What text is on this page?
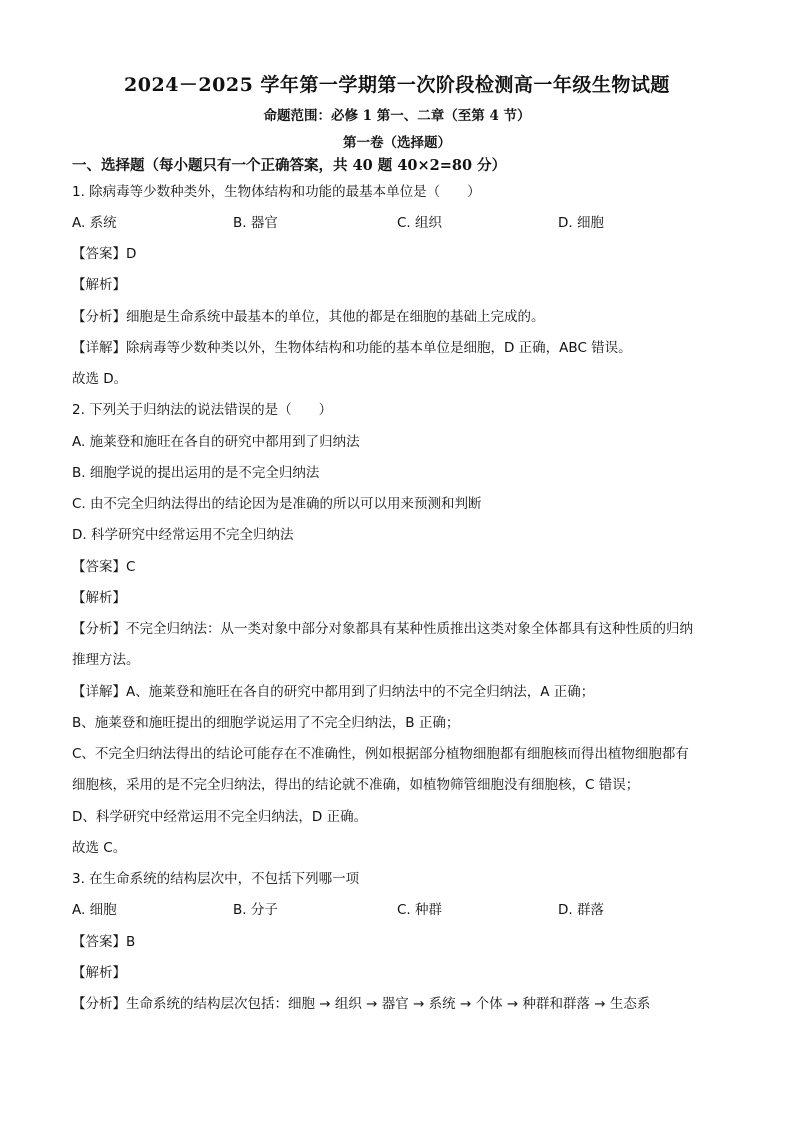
2024－2025 学年第一学期第一次阶段检测高一年级生物试题
命题范围：必修 1 第一、二章（至第 4 节）
第一卷（选择题）
一、选择题（每小题只有一个正确答案，共 40 题 40×2=80 分）
1. 除病毒等少数种类外，生物体结构和功能的最基本单位是（　　）
A. 系统	B. 器官	C. 组织	D. 细胞
【答案】D
【解析】
【分析】细胞是生命系统中最基本的单位，其他的都是在细胞的基础上完成的。
【详解】除病毒等少数种类以外，生物体结构和功能的基本单位是细胞，D 正确，ABC 错误。
故选 D。
2. 下列关于归纳法的说法错误的是（　　）
A. 施莱登和施旺在各自的研究中都用到了归纳法
B. 细胞学说的提出运用的是不完全归纳法
C. 由不完全归纳法得出的结论因为是准确的所以可以用来预测和判断
D. 科学研究中经常运用不完全归纳法
【答案】C
【解析】
【分析】不完全归纳法：从一类对象中部分对象都具有某种性质推出这类对象全体都具有这种性质的归纳
推理方法。
【详解】A、施莱登和施旺在各自的研究中都用到了归纳法中的不完全归纳法，A 正确；
B、施莱登和施旺提出的细胞学说运用了不完全归纳法，B 正确；
C、不完全归纳法得出的结论可能存在不准确性，例如根据部分植物细胞都有细胞核而得出植物细胞都有
细胞核，采用的是不完全归纳法，得出的结论就不准确，如植物筛管细胞没有细胞核，C 错误；
D、科学研究中经常运用不完全归纳法，D 正确。
故选 C。
3. 在生命系统的结构层次中，不包括下列哪一项
A. 细胞	B. 分子	C. 种群	D. 群落
【答案】B
【解析】
【分析】生命系统的结构层次包括：细胞 → 组织 → 器官 → 系统 → 个体 → 种群和群落 → 生态系
